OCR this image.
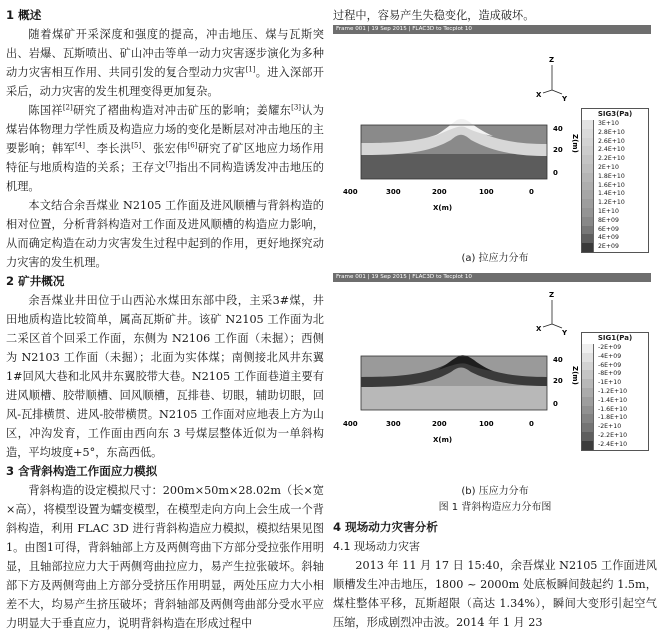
1 概述

随着煤矿开采深度和强度的提高，冲击地压、煤与瓦斯突出、岩爆、瓦斯喷出、矿山冲击等单一动力灾害逐步演化为多种动力灾害相互作用、共同引发的复合型动力灾害[1]。进入深部开采后，动力灾害的发生机理变得更加复杂。

陈国祥[2]研究了褶曲构造对冲击矿压的影响；姜耀东[3]认为煤岩体物理力学性质及构造应力场的变化是断层对冲击地压的主要影响；韩军[4]、李长洪[5]、张宏伟[6]研究了矿区地应力场作用特征与地质构造的关系；王存文[7]指出不同构造诱发冲击地压的机理。

本文结合余吾煤业 N2105 工作面及进风顺槽与背斜构造的相对位置，分析背斜构造对工作面及进风顺槽的构造应力影响，从而确定构造在动力灾害发生过程中起到的作用，更好地探究动力灾害的发生机理。

2 矿井概况

余吾煤业井田位于山西沁水煤田东部中段，主采3#煤，井田地质构造比较简单，属高瓦斯矿井。该矿 N2105 工作面为北二采区首个回采工作面，东侧为 N2106 工作面（未掘）；西侧为 N2103 工作面（未掘）；北面为实体煤；南侧接北风井东翼1#回风大巷和北风井东翼胶带大巷。N2105 工作面巷道主要有进风顺槽、胶带顺槽、回风顺槽，瓦排巷、切眼，辅助切眼，回风-瓦排横贯、进风-胶带横贯。N2105 工作面对应地表上方为山区，冲沟发育，工作面由西向东 3 号煤层整体近似为一单斜构造，平均坡度+5°，东高西低。

3 含背斜构造工作面应力模拟

背斜构造的设定模拟尺寸：200m×50m×28.02m（长×宽×高），将模型设置为蠕变模型，在模型走向方向上会生成一个背斜构造，利用 FLAC 3D 进行背斜构造应力模拟，模拟结果见图1。由图1可得，背斜轴部上方及两侧弯曲下方部分受拉张作用明显，且轴部拉应力大于两侧弯曲拉应力，易产生拉张破坏。斜轴部下方及两侧弯曲上方部分受挤压作用明显，两处压应力大小相差不大，均易产生挤压破坏；背斜轴部及两侧弯曲部分受水平应力明显大于垂直应力，说明背斜构造在形成过程中

过程中，容易产生失稳变化，造成破坏。

Frame 001 | 19 Sep 2015 | FLAC3D to Tecplot 10
Z
X	Y
40
20
0
Z(m)
400	300	200	100	0
X(m)
SIG3(Pa)
3E+10
2.8E+10
2.6E+10
2.4E+10
2.2E+10
2E+10
1.8E+10
1.6E+10
1.4E+10
1.2E+10
1E+10
8E+09
6E+09
4E+09
2E+09
(a) 拉应力分布
Frame 001 | 19 Sep 2015 | FLAC3D to Tecplot 10
Z
X	Y
40
20
0
Z(m)
400	300	200	100	0
X(m)
SIG1(Pa)
-2E+09
-4E+09
-6E+09
-8E+09
-1E+10
-1.2E+10
-1.4E+10
-1.6E+10
-1.8E+10
-2E+10
-2.2E+10
-2.4E+10
(b) 压应力分布
图 1 背斜构造应力分布图
4 现场动力灾害分析
4.1 现场动力灾害

2013 年 11 月 17 日 15:40，余吾煤业 N2105 工作面进风顺槽发生冲击地压，1800 ~ 2000m 处底板瞬间鼓起约 1.5m，煤柱整体平移，瓦斯超限（高达 1.34%），瞬间大变形引起空气压缩，形成剧烈冲击波。2014 年 1 月 23
